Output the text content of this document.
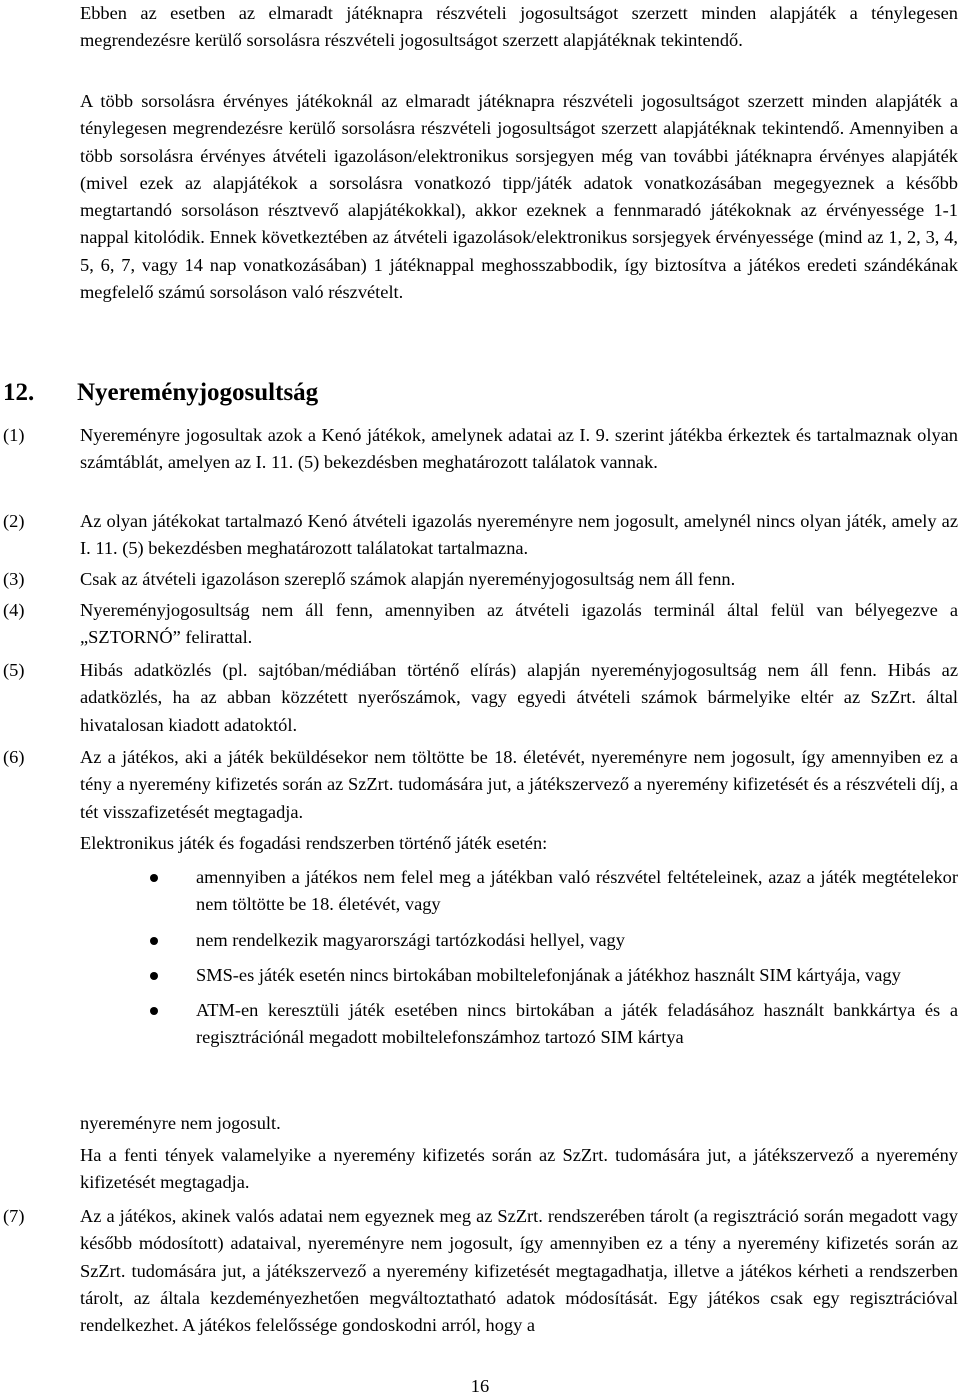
Ebben az esetben az elmaradt játéknapra részvételi jogosultságot szerzett minden alapjáték a ténylegesen megrendezésre kerülő sorsolásra részvételi jogosultságot szerzett alapjátéknak tekintendő.

A több sorsolásra érvényes játékoknál az elmaradt játéknapra részvételi jogosultságot szerzett minden alapjáték a ténylegesen megrendezésre kerülő sorsolásra részvételi jogosultságot szerzett alapjátéknak tekintendő. Amennyiben a több sorsolásra érvényes átvételi igazoláson/elektronikus sorsjegyen még van további játéknapra érvényes alapjáték (mivel ezek az alapjátékok a sorsolásra vonatkozó tipp/játék adatok vonatkozásában megegyeznek a később megtartandó sorsoláson résztvevő alapjátékokkal), akkor ezeknek a fennmaradó játékoknak az érvényessége 1-1 nappal kitolódik. Ennek következtében az átvételi igazolások/elektronikus sorsjegyek érvényessége (mind az 1, 2, 3, 4, 5, 6, 7, vagy 14 nap vonatkozásában) 1 játéknappal meghosszabbodik, így biztosítva a játékos eredeti szándékának megfelelő számú sorsoláson való részvételt.

12. Nyereményjogosultság
(1)	Nyereményre jogosultak azok a Kenó játékok, amelynek adatai az I. 9. szerint játékba érkeztek és tartalmaznak olyan számtáblát, amelyen az I. 11. (5) bekezdésben meghatározott találatok vannak.
(2)	Az olyan játékokat tartalmazó Kenó átvételi igazolás nyereményre nem jogosult, amelynél nincs olyan játék, amely az I. 11. (5) bekezdésben meghatározott találatokat tartalmazna.
(3)	Csak az átvételi igazoláson szereplő számok alapján nyereményjogosultság nem áll fenn.
(4)	Nyereményjogosultság nem áll fenn, amennyiben az átvételi igazolás terminál által felül van bélyegezve a „SZTORNÓ” felirattal.
(5)	Hibás adatközlés (pl. sajtóban/médiában történő elírás) alapján nyereményjogosultság nem áll fenn. Hibás az adatközlés, ha az abban közzétett nyerőszámok, vagy egyedi átvételi számok bármelyike eltér az SzZrt. által hivatalosan kiadott adatoktól.
(6)	Az a játékos, aki a játék beküldésekor nem töltötte be 18. életévét, nyereményre nem jogosult, így amennyiben ez a tény a nyeremény kifizetés során az SzZrt. tudomására jut, a játékszervező a nyeremény kifizetését és a részvételi díj, a tét visszafizetését megtagadja.

Elektronikus játék és fogadási rendszerben történő játék esetén:

amennyiben a játékos nem felel meg a játékban való részvétel feltételeinek, azaz a játék megtételekor nem töltötte be 18. életévét, vagy
nem rendelkezik magyarországi tartózkodási hellyel, vagy
SMS-es játék esetén nincs birtokában mobiltelefonjának a játékhoz használt SIM kártyája, vagy
ATM-en keresztüli játék esetében nincs birtokában a játék feladásához használt bankkártya és a regisztrációnál megadott mobiltelefonszámhoz tartozó SIM kártya

nyereményre nem jogosult.

Ha a fenti tények valamelyike a nyeremény kifizetés során az SzZrt. tudomására jut, a játékszervező a nyeremény kifizetését megtagadja.

(7)	Az a játékos, akinek valós adatai nem egyeznek meg az SzZrt. rendszerében tárolt (a regisztráció során megadott vagy később módosított) adataival, nyereményre nem jogosult, így amennyiben ez a tény a nyeremény kifizetés során az SzZrt. tudomására jut, a játékszervező a nyeremény kifizetését megtagadhatja, illetve a játékos kérheti a rendszerben tárolt, az általa kezdeményezhetően megváltoztatható adatok módosítását. Egy játékos csak egy regisztrációval rendelkezhet. A játékos felelőssége gondoskodni arról, hogy a
16
